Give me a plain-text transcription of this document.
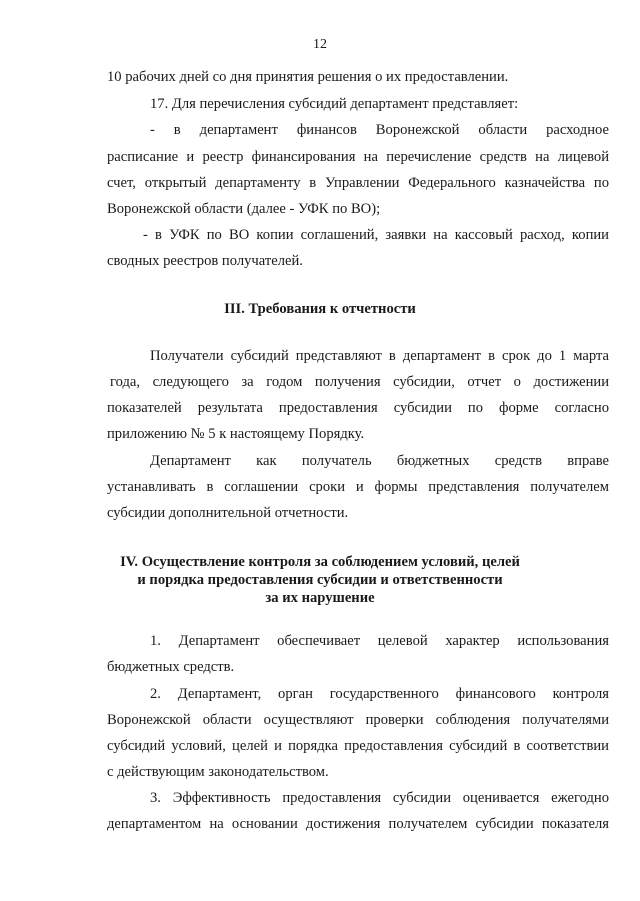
12
10 рабочих дней со дня принятия решения о их предоставлении.
17. Для перечисления субсидий департамент представляет:
- в департамент финансов Воронежской области расходное
расписание и реестр финансирования на перечисление средств на лицевой
счет, открытый департаменту в Управлении Федерального казначейства по
Воронежской области (далее - УФК по ВО);
- в УФК по ВО копии соглашений, заявки на кассовый расход, копии
сводных реестров получателей.
III. Требования к отчетности
Получатели субсидий представляют в департамент в срок до 1 марта
года, следующего за годом получения субсидии, отчет о достижении
показателей результата предоставления субсидии по форме согласно
приложению № 5 к настоящему Порядку.
Департамент как получатель бюджетных средств вправе
устанавливать в соглашении сроки и формы представления получателем
субсидии дополнительной отчетности.
IV. Осуществление контроля за соблюдением условий, целей
и порядка предоставления субсидии и ответственности
за их нарушение
1. Департамент обеспечивает целевой характер использования
бюджетных средств.
2. Департамент, орган государственного финансового контроля
Воронежской области осуществляют проверки соблюдения получателями
субсидий условий, целей и порядка предоставления субсидий в соответствии
с действующим законодательством.
3. Эффективность предоставления субсидии оценивается ежегодно
департаментом на основании достижения получателем субсидии показателя
